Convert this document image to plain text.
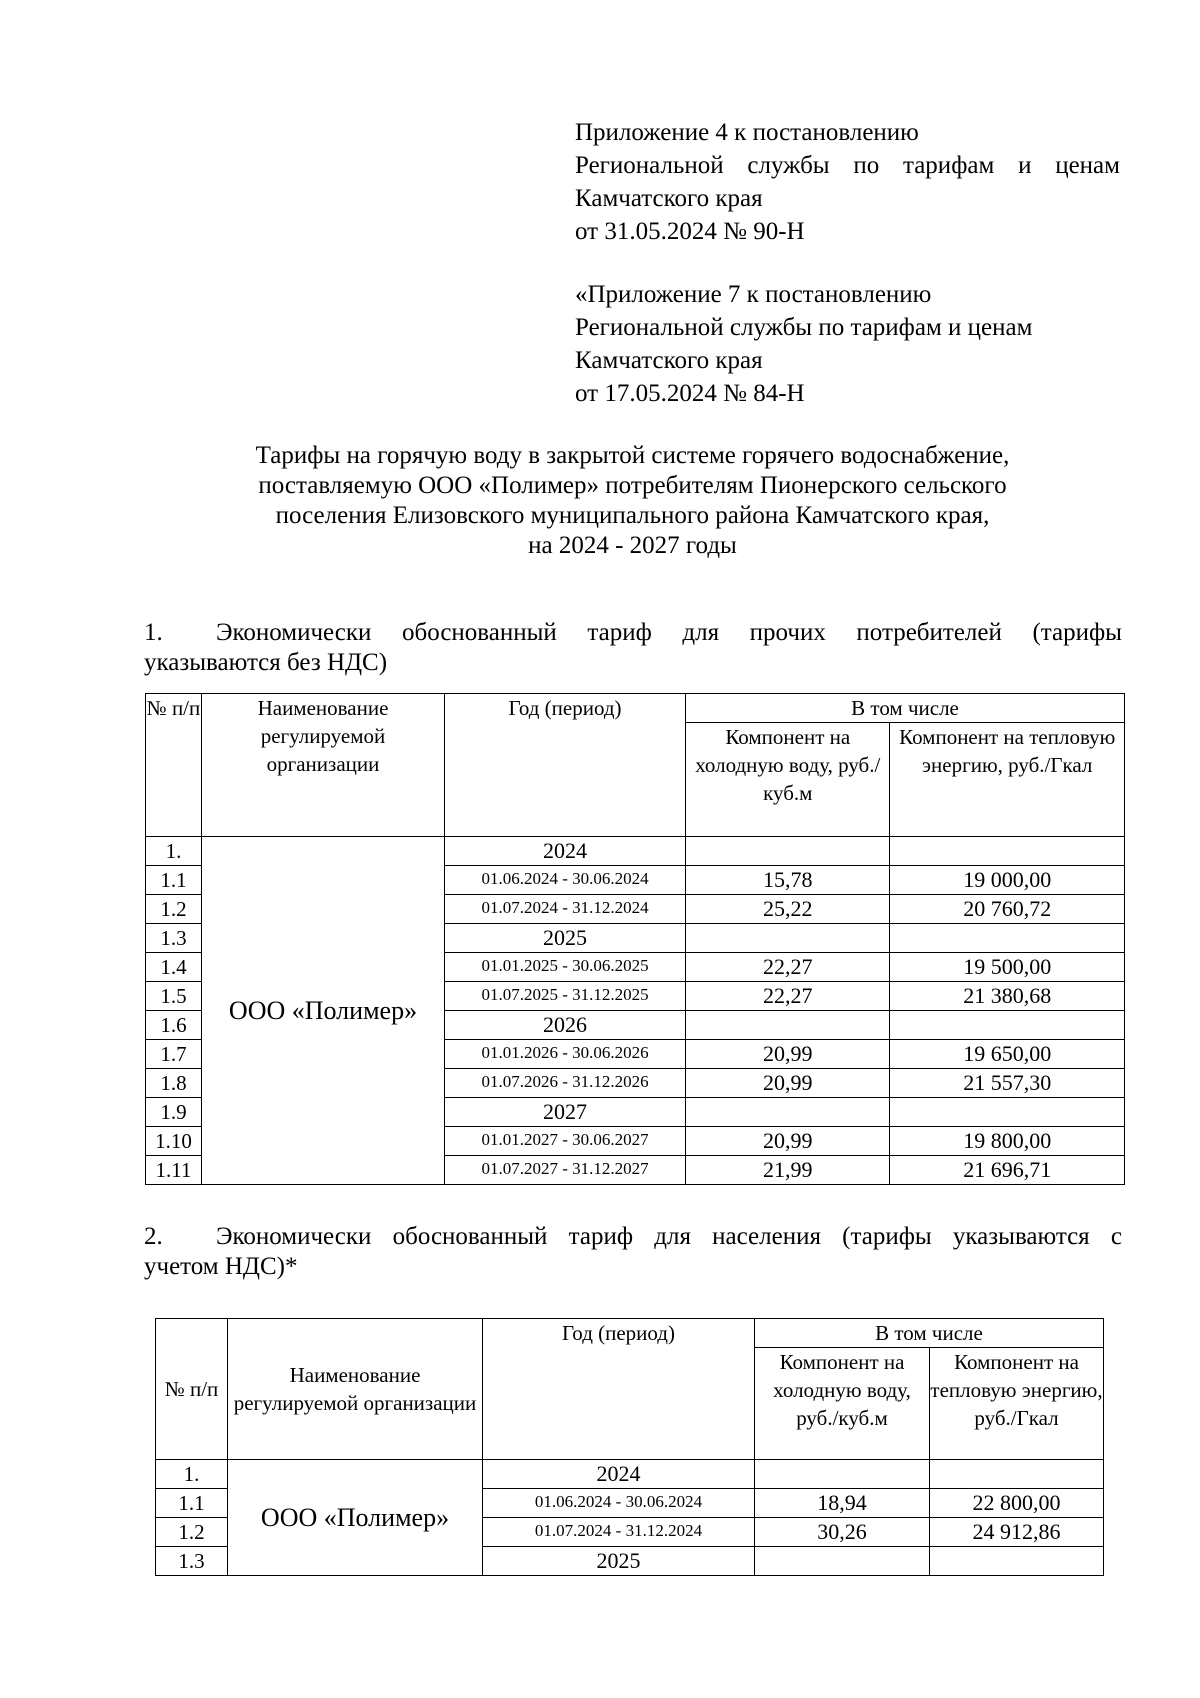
Приложение 4 к постановлению
Региональной службы по тарифам и ценам
Камчатского края
от 31.05.2024 № 90-Н
«Приложение 7 к постановлению
Региональной службы по тарифам и ценам
Камчатского края
от 17.05.2024 № 84-Н
Тарифы на горячую воду в закрытой системе горячего водоснабжение,
поставляемую ООО «Полимер» потребителям Пионерского сельского
поселения Елизовского муниципального района Камчатского края,
на 2024 - 2027 годы
1.	Экономически обоснованный тариф для прочих потребителей (тарифы
указываются без НДС)
№ п/п	Наименование регулируемой организации	Год (период)	В том числе	
			Компонент на холодную воду, руб./куб.м	Компонент на тепловую энергию, руб./Гкал
1.	ООО «Полимер»	2024		
1.1		01.06.2024 - 30.06.2024	15,78	19 000,00
1.2		01.07.2024 - 31.12.2024	25,22	20 760,72
1.3		2025		
1.4		01.01.2025 - 30.06.2025	22,27	19 500,00
1.5		01.07.2025 - 31.12.2025	22,27	21 380,68
1.6		2026		
1.7		01.01.2026 - 30.06.2026	20,99	19 650,00
1.8		01.07.2026 - 31.12.2026	20,99	21 557,30
1.9		2027		
1.10		01.01.2027 - 30.06.2027	20,99	19 800,00
1.11		01.07.2027 - 31.12.2027	21,99	21 696,71
2.	Экономически обоснованный тариф для населения (тарифы указываются с
учетом НДС)*
№ п/п	Наименование регулируемой организации	Год (период)	В том числе	
			Компонент на холодную воду, руб./куб.м	Компонент на тепловую энергию, руб./Гкал
1.	ООО «Полимер»	2024		
1.1		01.06.2024 - 30.06.2024	18,94	22 800,00
1.2		01.07.2024 - 31.12.2024	30,26	24 912,86
1.3		2025		
